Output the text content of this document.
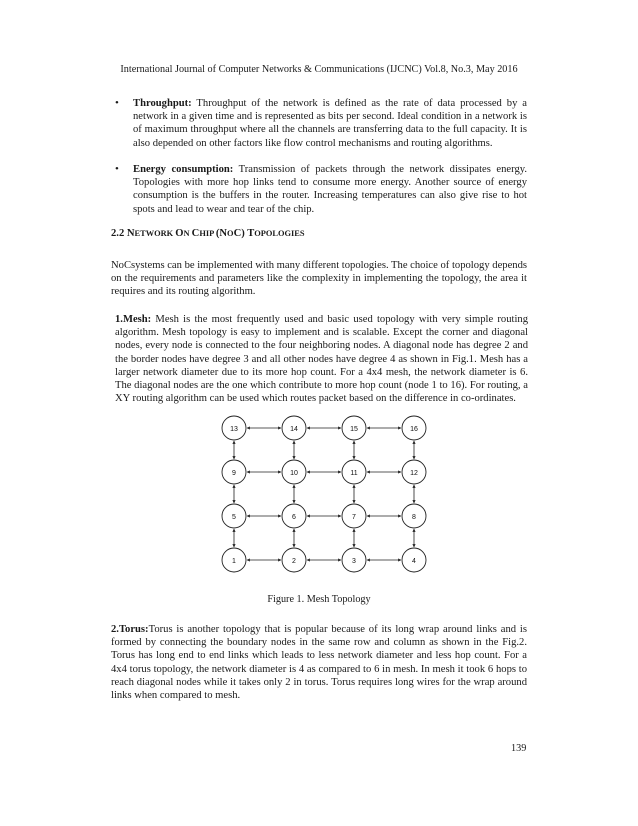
International Journal of Computer Networks & Communications (IJCNC) Vol.8, No.3, May 2016
• Throughput: Throughput of the network is defined as the rate of data processed by a network in a given time and is represented as bits per second. Ideal condition in a network is of maximum throughput where all the channels are transferring data to the full capacity. It is also depended on other factors like flow control mechanisms and routing algorithms.
• Energy consumption: Transmission of packets through the network dissipates energy. Topologies with more hop links tend to consume more energy. Another source of energy consumption is the buffers in the router. Increasing temperatures can also give rise to hot spots and lead to wear and tear of the chip.
2.2 NETWORK ON CHIP (NOC) TOPOLOGIES
NoCsystems can be implemented with many different topologies. The choice of topology depends on the requirements and parameters like the complexity in implementing the topology, the area it requires and its routing algorithm.
1.Mesh: Mesh is the most frequently used and basic used topology with very simple routing algorithm. Mesh topology is easy to implement and is scalable. Except the corner and diagonal nodes, every node is connected to the four neighboring nodes. A diagonal node has degree 2 and the border nodes have degree 3 and all other nodes have degree 4 as shown in Fig.1. Mesh has a larger network diameter due to its more hop count. For a 4x4 mesh, the network diameter is 6. The diagonal nodes are the one which contribute to more hop count (node 1 to 16). For routing, a XY routing algorithm can be used which routes packet based on the difference in co-ordinates.
13	14	15	16
9	10	11	12
5	6	7	8
1	2	3	4
Figure 1. Mesh Topology
2.Torus:Torus is another topology that is popular because of its long wrap around links and is formed by connecting the boundary nodes in the same row and column as shown in the Fig.2. Torus has long end to end links which leads to less network diameter and less hop count. For a 4x4 torus topology, the network diameter is 4 as compared to 6 in mesh. In mesh it took 6 hops to reach diagonal nodes while it takes only 2 in torus. Torus requires long wires for the wrap around links when compared to mesh.
139
